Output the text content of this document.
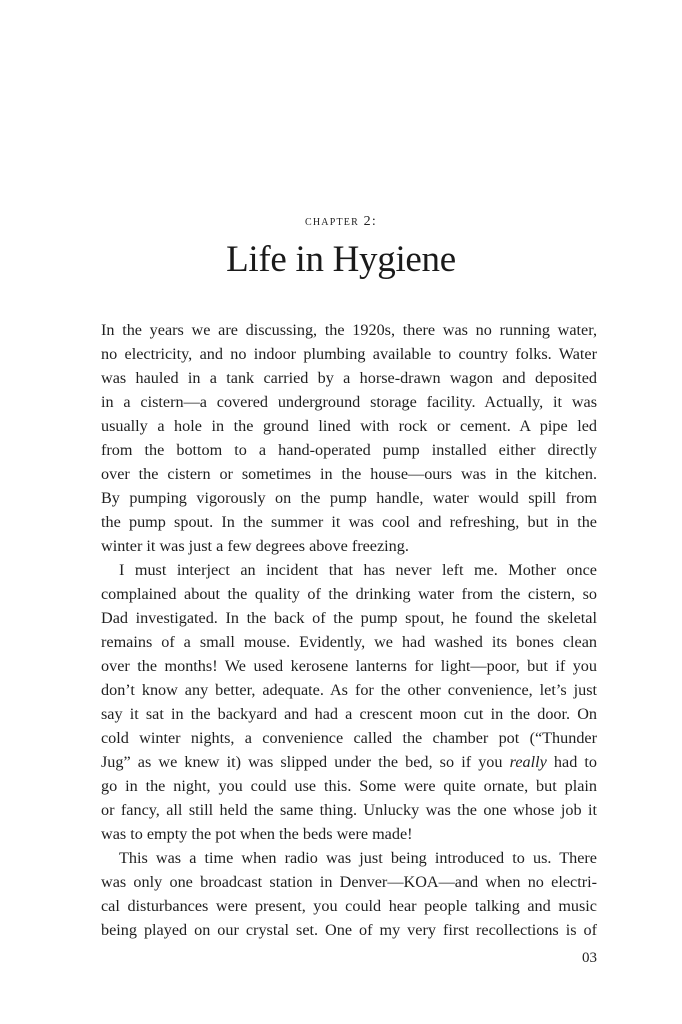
chapter 2:
Life in Hygiene
In the years we are discussing, the 1920s, there was no running water,
no electricity, and no indoor plumbing available to country folks. Water
was hauled in a tank carried by a horse-drawn wagon and deposited
in a cistern—a covered underground storage facility. Actually, it was
usually a hole in the ground lined with rock or cement. A pipe led
from the bottom to a hand-operated pump installed either directly
over the cistern or sometimes in the house—ours was in the kitchen.
By pumping vigorously on the pump handle, water would spill from
the pump spout. In the summer it was cool and refreshing, but in the
winter it was just a few degrees above freezing.
I must interject an incident that has never left me. Mother once
complained about the quality of the drinking water from the cistern, so
Dad investigated. In the back of the pump spout, he found the skeletal
remains of a small mouse. Evidently, we had washed its bones clean
over the months! We used kerosene lanterns for light—poor, but if you
don’t know any better, adequate. As for the other convenience, let’s just
say it sat in the backyard and had a crescent moon cut in the door. On
cold winter nights, a convenience called the chamber pot (“Thunder
Jug” as we knew it) was slipped under the bed, so if you really had to
go in the night, you could use this. Some were quite ornate, but plain
or fancy, all still held the same thing. Unlucky was the one whose job it
was to empty the pot when the beds were made!
This was a time when radio was just being introduced to us. There
was only one broadcast station in Denver—KOA—and when no electri-
cal disturbances were present, you could hear people talking and music
being played on our crystal set. One of my very first recollections is of
03
